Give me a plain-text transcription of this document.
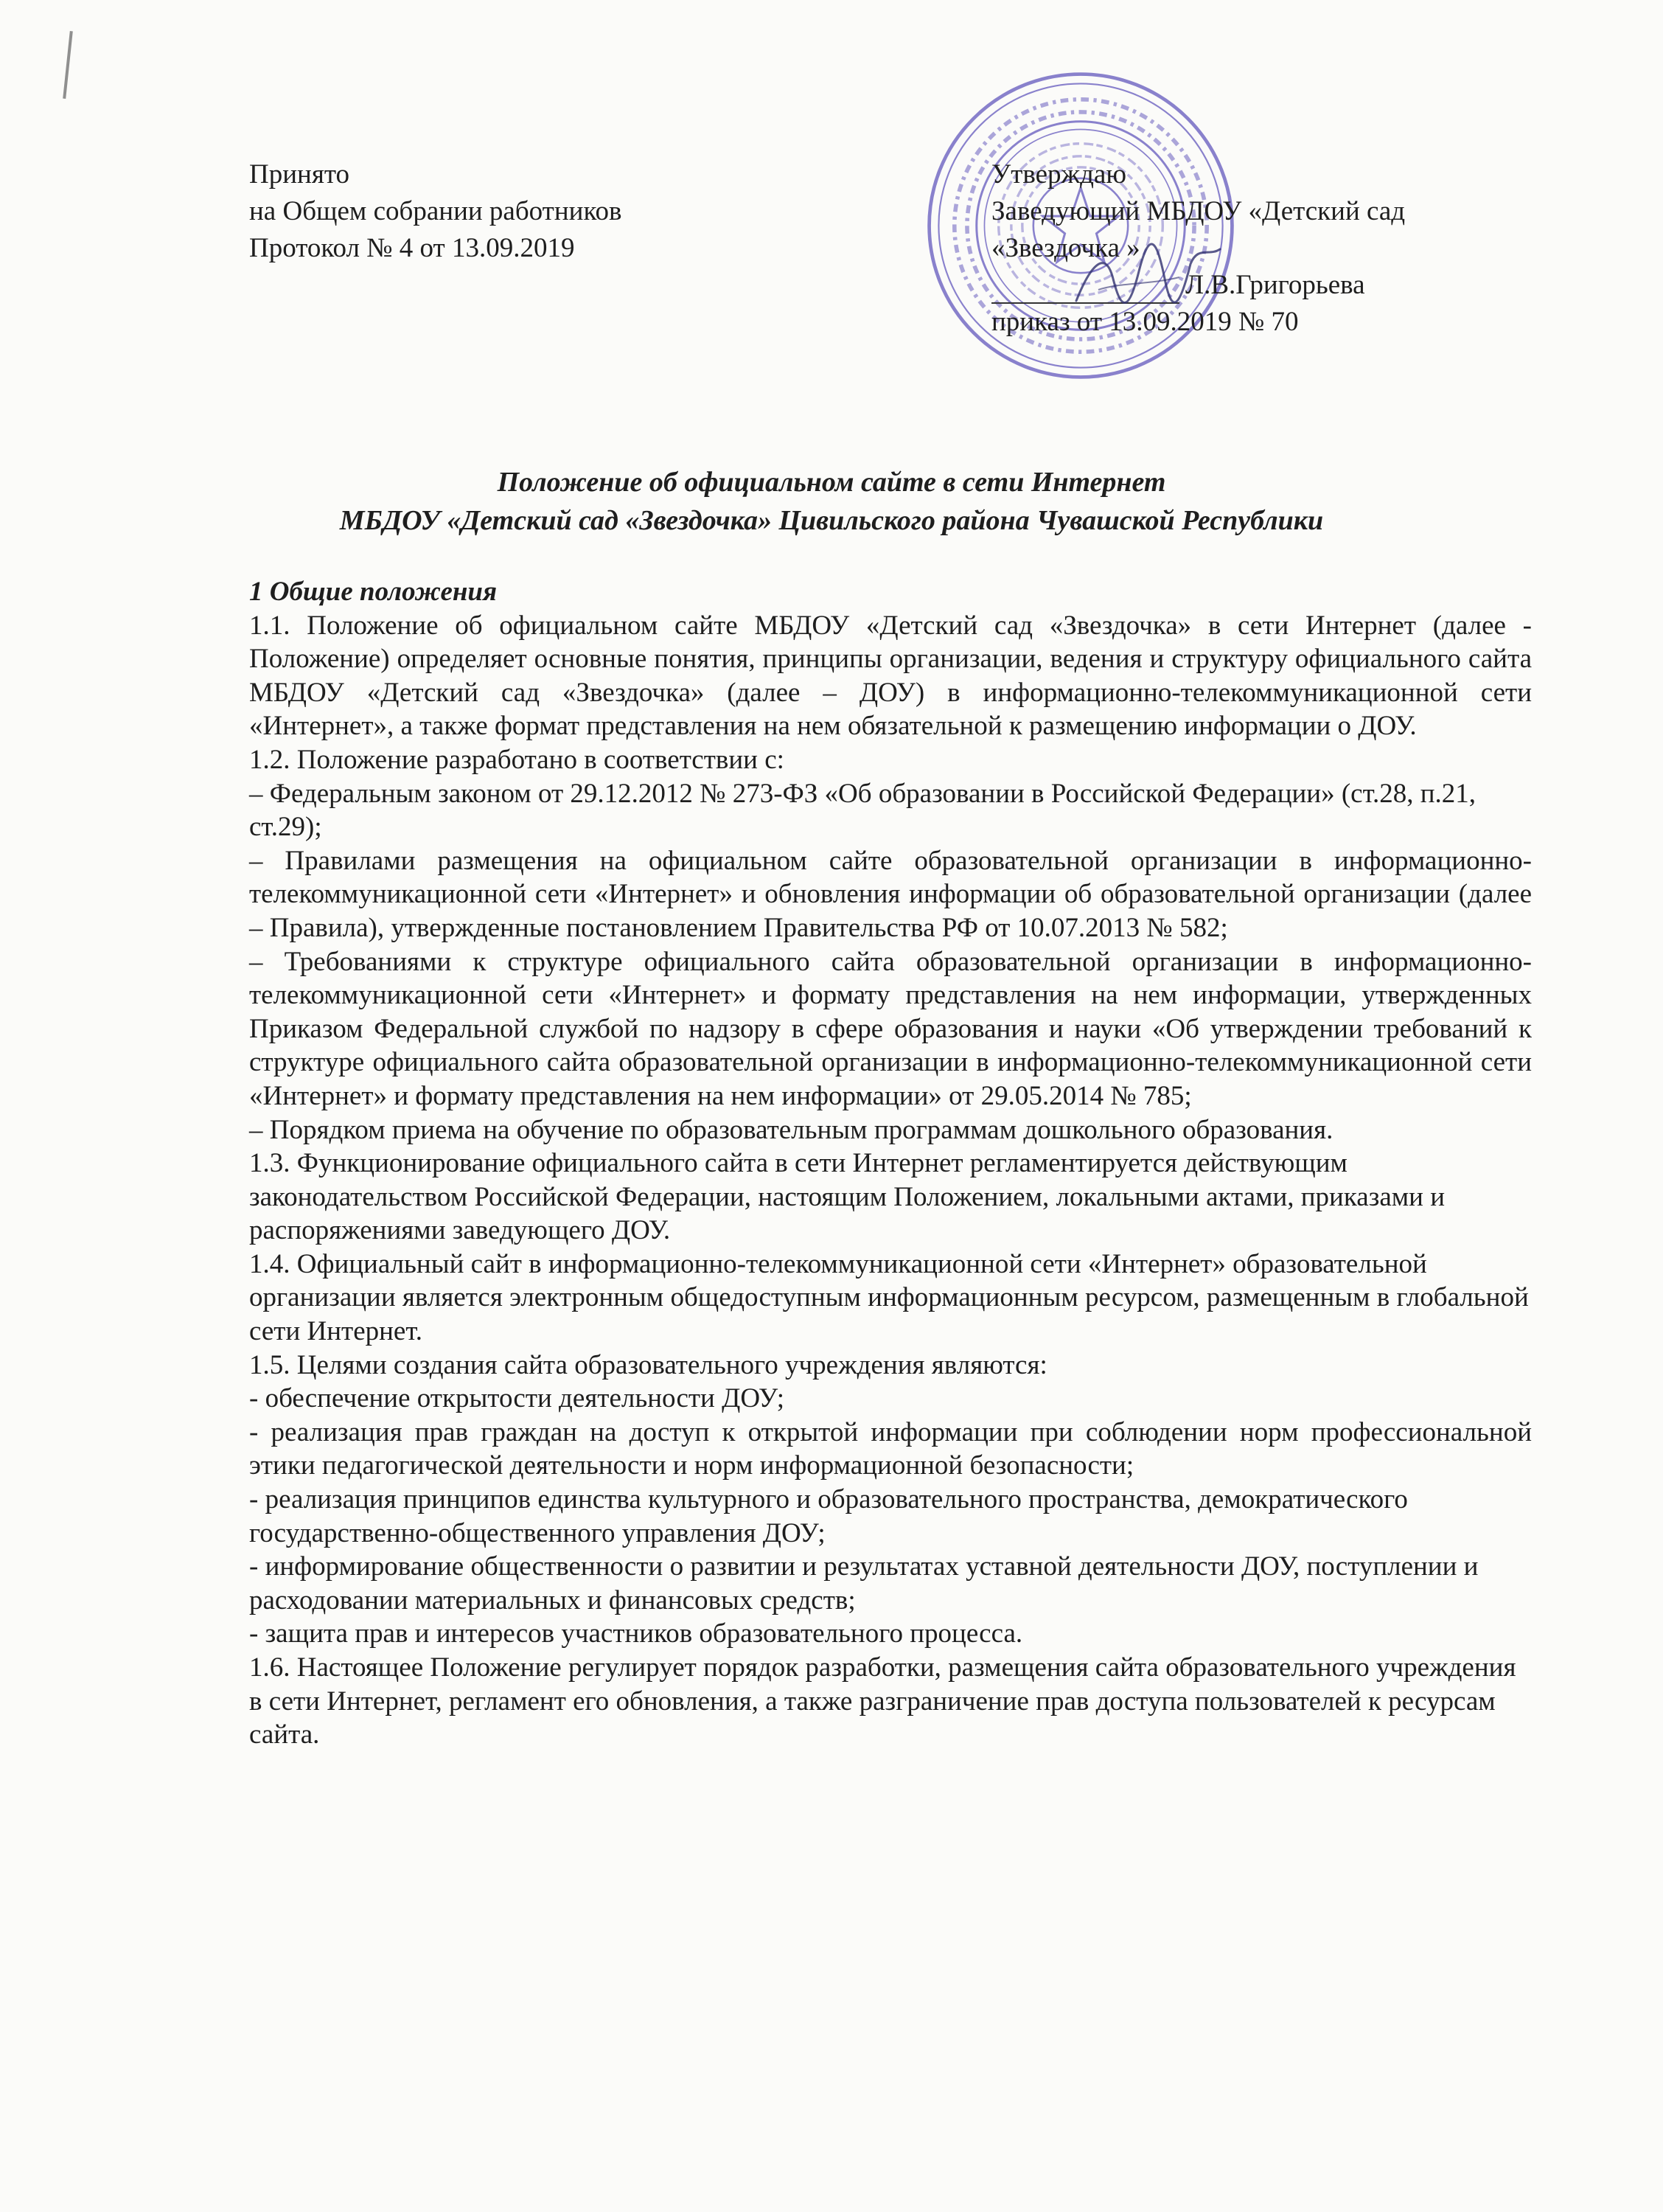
Принято
на Общем собрании работников
Протокол № 4 от 13.09.2019
Утверждаю
Заведующий МБДОУ «Детский сад
«Звездочка »
Л.В.Григорьева
приказ от 13.09.2019 № 70
Положение об официальном сайте в сети Интернет
МБДОУ «Детский сад «Звездочка» Цивильского района Чувашской Республики

1 Общие положения

1.1. Положение об официальном сайте МБДОУ «Детский сад «Звездочка» в сети Интернет (далее - Положение) определяет основные понятия, принципы организации, ведения и структуру официального сайта МБДОУ «Детский сад «Звездочка» (далее – ДОУ) в информационно-телекоммуникационной сети «Интернет», а также формат представления на нем обязательной к размещению информации о ДОУ.

1.2. Положение разработано в соответствии с:

– Федеральным законом от 29.12.2012 № 273-ФЗ «Об образовании в Российской Федерации» (ст.28, п.21, ст.29);

– Правилами размещения на официальном сайте образовательной организации в информационно-телекоммуникационной сети «Интернет» и обновления информации об образовательной организации (далее – Правила), утвержденные постановлением Правительства РФ от 10.07.2013 № 582;

– Требованиями к структуре официального сайта образовательной организации в информационно-телекоммуникационной сети «Интернет» и формату представления на нем информации, утвержденных Приказом Федеральной службой по надзору в сфере образования и науки «Об утверждении требований к структуре официального сайта образовательной организации в информационно-телекоммуникационной сети «Интернет» и формату представления на нем информации» от 29.05.2014 № 785;

– Порядком приема на обучение по образовательным программам дошкольного образования.

1.3. Функционирование официального сайта в сети Интернет регламентируется действующим законодательством Российской Федерации, настоящим Положением, локальными актами, приказами и распоряжениями заведующего ДОУ.

1.4. Официальный сайт в информационно-телекоммуникационной сети «Интернет» образовательной организации является электронным общедоступным информационным ресурсом, размещенным в глобальной сети Интернет.

1.5. Целями создания сайта образовательного учреждения являются:

- обеспечение открытости деятельности ДОУ;

- реализация прав граждан на доступ к открытой информации при соблюдении норм профессиональной этики педагогической деятельности и норм информационной безопасности;

- реализация принципов единства культурного и образовательного пространства, демократического государственно-общественного управления ДОУ;

- информирование общественности о развитии и результатах уставной деятельности ДОУ, поступлении и расходовании материальных и финансовых средств;

- защита прав и интересов участников образовательного процесса.

1.6. Настоящее Положение регулирует порядок разработки, размещения сайта образовательного учреждения в сети Интернет, регламент его обновления, а также разграничение прав доступа пользователей к ресурсам сайта.
